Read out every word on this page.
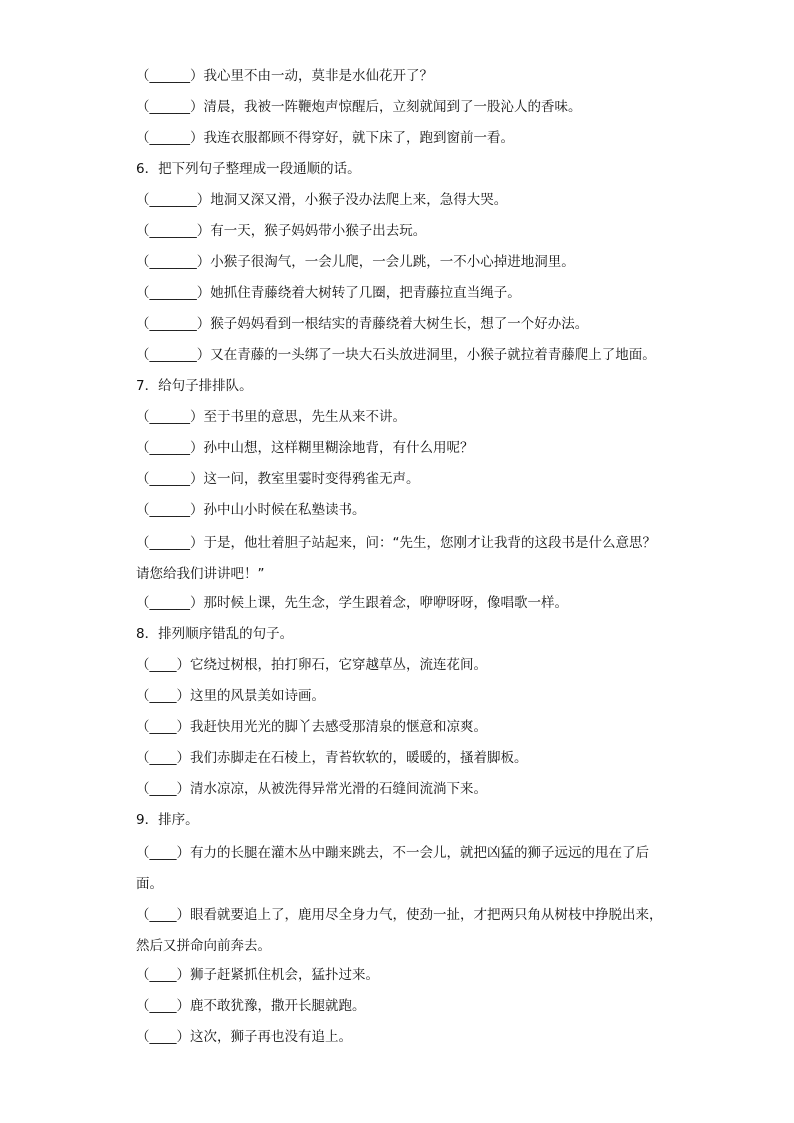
（______）我心里不由一动，莫非是水仙花开了？
（______）清晨，我被一阵鞭炮声惊醒后，立刻就闻到了一股沁人的香味。
（______）我连衣服都顾不得穿好，就下床了，跑到窗前一看。
6．把下列句子整理成一段通顺的话。
（_______）地洞又深又滑，小猴子没办法爬上来，急得大哭。
（_______）有一天，猴子妈妈带小猴子出去玩。
（_______）小猴子很淘气，一会儿爬，一会儿跳，一不小心掉进地洞里。
（_______）她抓住青藤绕着大树转了几圈，把青藤拉直当绳子。
（_______）猴子妈妈看到一根结实的青藤绕着大树生长，想了一个好办法。
（_______）又在青藤的一头绑了一块大石头放进洞里，小猴子就拉着青藤爬上了地面。
7．给句子排排队。
（______）至于书里的意思，先生从来不讲。
（______）孙中山想，这样糊里糊涂地背，有什么用呢？
（______）这一问，教室里霎时变得鸦雀无声。
（______）孙中山小时候在私塾读书。
（______）于是，他壮着胆子站起来，问：“先生，您刚才让我背的这段书是什么意思？请您给我们讲讲吧！”
（______）那时候上课，先生念，学生跟着念，咿咿呀呀，像唱歌一样。
8．排列顺序错乱的句子。
（____）它绕过树根，拍打卵石，它穿越草丛，流连花间。
（____）这里的风景美如诗画。
（____）我赶快用光光的脚丫去感受那清泉的惬意和凉爽。
（____）我们赤脚走在石棱上，青苔软软的，暖暖的，搔着脚板。
（____）清水凉凉，从被洗得异常光滑的石缝间流淌下来。
9．排序。
（____）有力的长腿在灌木丛中蹦来跳去，不一会儿，就把凶猛的狮子远远的甩在了后面。
（____）眼看就要追上了，鹿用尽全身力气，使劲一扯，才把两只角从树枝中挣脱出来，然后又拼命向前奔去。
（____）狮子赶紧抓住机会，猛扑过来。
（____）鹿不敢犹豫，撒开长腿就跑。
（____）这次，狮子再也没有追上。
